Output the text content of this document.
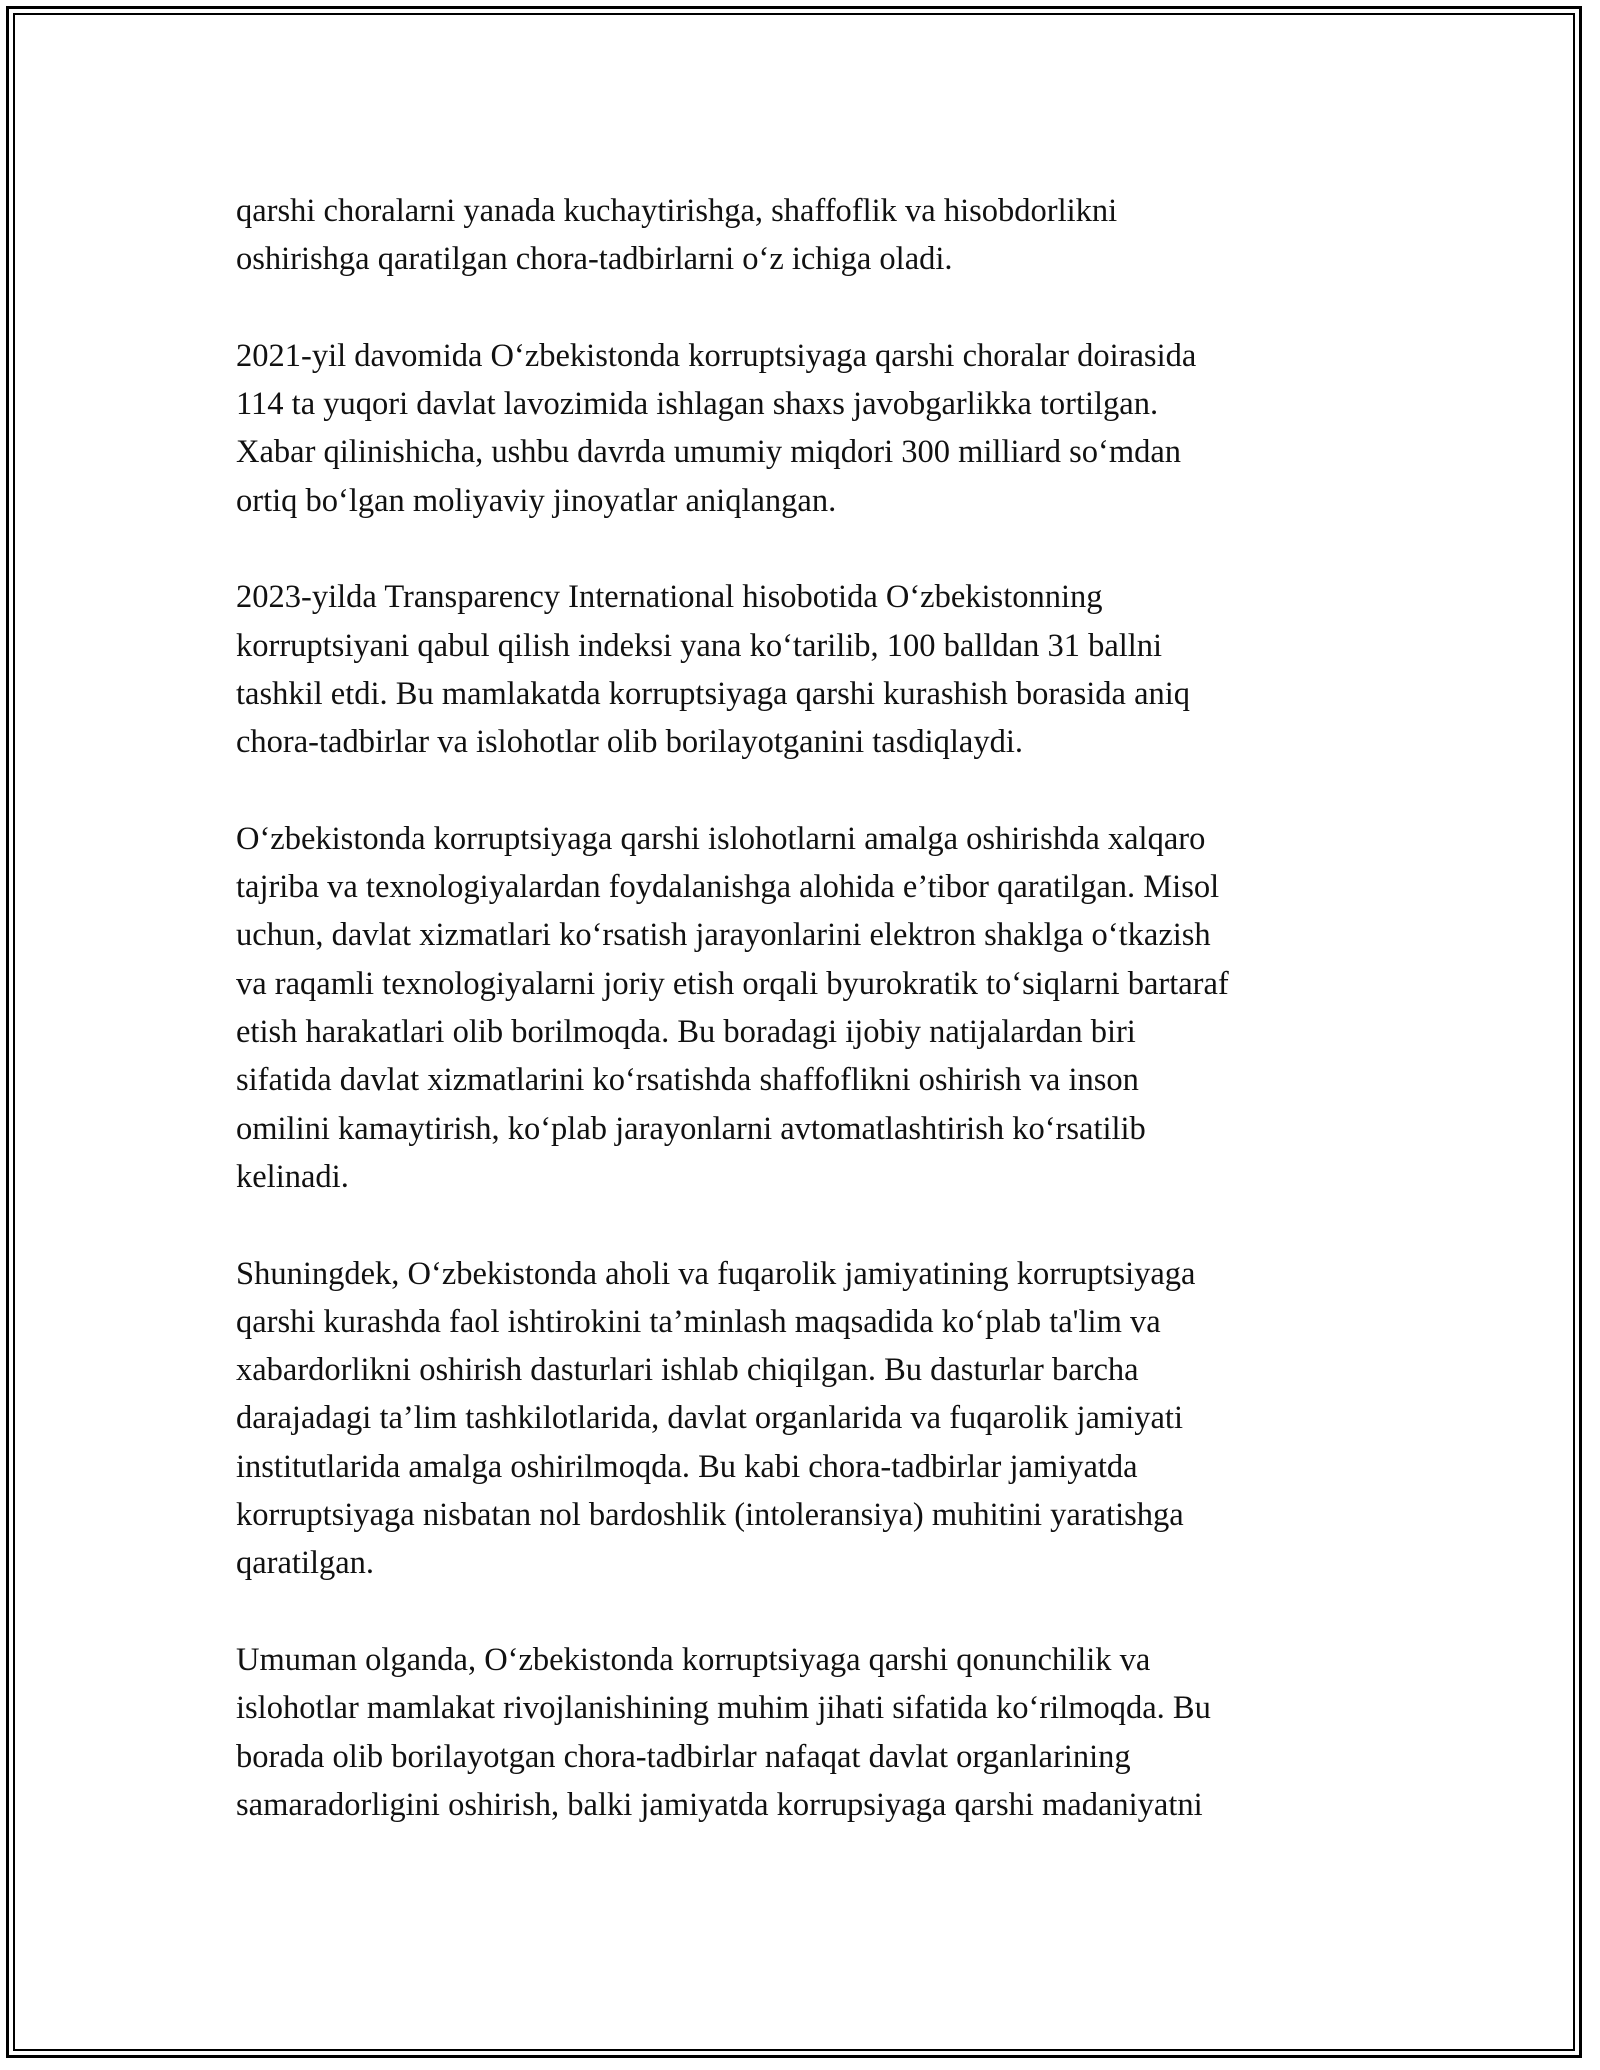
qarshi choralarni yanada kuchaytirishga, shaffoflik va hisobdorlikni
oshirishga qaratilgan chora-tadbirlarni oʻz ichiga oladi.

2021-yil davomida Oʻzbekistonda korruptsiyaga qarshi choralar doirasida
114 ta yuqori davlat lavozimida ishlagan shaxs javobgarlikka tortilgan.
Xabar qilinishicha, ushbu davrda umumiy miqdori 300 milliard soʻmdan
ortiq boʻlgan moliyaviy jinoyatlar aniqlangan.

2023-yilda Transparency International hisobotida Oʻzbekistonning
korruptsiyani qabul qilish indeksi yana koʻtarilib, 100 balldan 31 ballni
tashkil etdi. Bu mamlakatda korruptsiyaga qarshi kurashish borasida aniq
chora-tadbirlar va islohotlar olib borilayotganini tasdiqlaydi.

Oʻzbekistonda korruptsiyaga qarshi islohotlarni amalga oshirishda xalqaro
tajriba va texnologiyalardan foydalanishga alohida e’tibor qaratilgan. Misol
uchun, davlat xizmatlari koʻrsatish jarayonlarini elektron shaklga oʻtkazish
va raqamli texnologiyalarni joriy etish orqali byurokratik toʻsiqlarni bartaraf
etish harakatlari olib borilmoqda. Bu boradagi ijobiy natijalardan biri
sifatida davlat xizmatlarini koʻrsatishda shaffoflikni oshirish va inson
omilini kamaytirish, koʻplab jarayonlarni avtomatlashtirish koʻrsatilib
kelinadi.

Shuningdek, Oʻzbekistonda aholi va fuqarolik jamiyatining korruptsiyaga
qarshi kurashda faol ishtirokini ta’minlash maqsadida koʻplab ta'lim va
xabardorlikni oshirish dasturlari ishlab chiqilgan. Bu dasturlar barcha
darajadagi ta’lim tashkilotlarida, davlat organlarida va fuqarolik jamiyati
institutlarida amalga oshirilmoqda. Bu kabi chora-tadbirlar jamiyatda
korruptsiyaga nisbatan nol bardoshlik (intoleransiya) muhitini yaratishga
qaratilgan.

Umuman olganda, Oʻzbekistonda korruptsiyaga qarshi qonunchilik va
islohotlar mamlakat rivojlanishining muhim jihati sifatida koʻrilmoqda. Bu
borada olib borilayotgan chora-tadbirlar nafaqat davlat organlarining
samaradorligini oshirish, balki jamiyatda korrupsiyaga qarshi madaniyatni
